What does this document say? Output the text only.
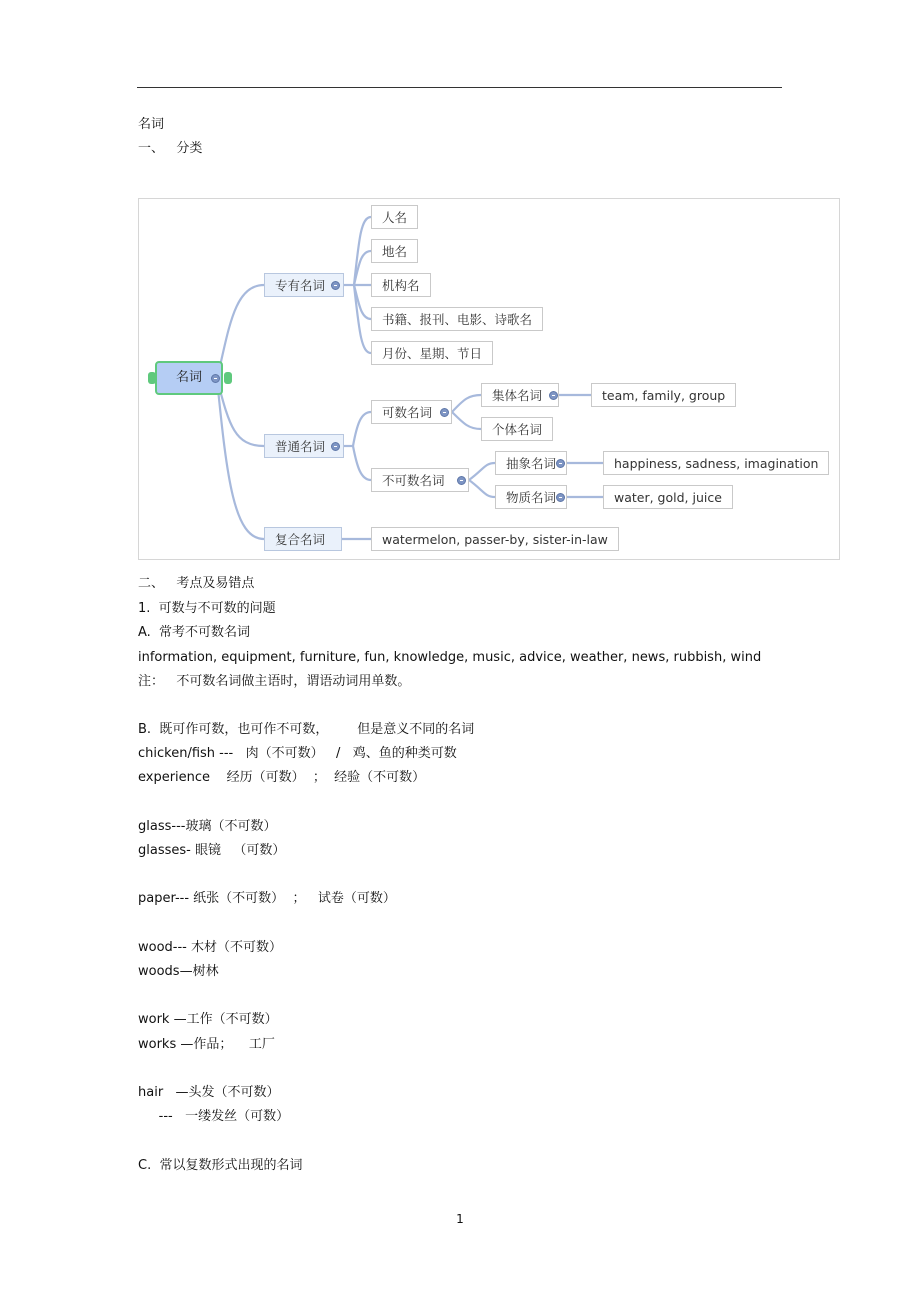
名词
一、   分类
名词
专有名词
人名
地名
机构名
书籍、报刊、电影、诗歌名
月份、星期、节日
普通名词
可数名词
集体名词	team, family, group
个体名词
不可数名词
抽象名词	happiness, sadness, imagination
物质名词	water, gold, juice
复合名词	watermelon, passer-by, sister-in-law
二、   考点及易错点
1.  可数与不可数的问题
A.  常考不可数名词
information, equipment, furniture, fun, knowledge, music, advice, weather, news, rubbish, wind
注：   不可数名词做主语时，谓语动词用单数。
B.  既可作可数，也可作不可数，       但是意义不同的名词
chicken/fish ---   肉（不可数）   /   鸡、鱼的种类可数
experience    经历（可数）  ；  经验（不可数）
glass---玻璃（不可数）
glasses- 眼镜   （可数）
paper--- 纸张（不可数）  ；   试卷（可数）
wood--- 木材（不可数）
woods—树林
work —工作（不可数）
works —作品；    工厂
hair   —头发（不可数）
---   一缕发丝（可数）
C.  常以复数形式出现的名词
1
